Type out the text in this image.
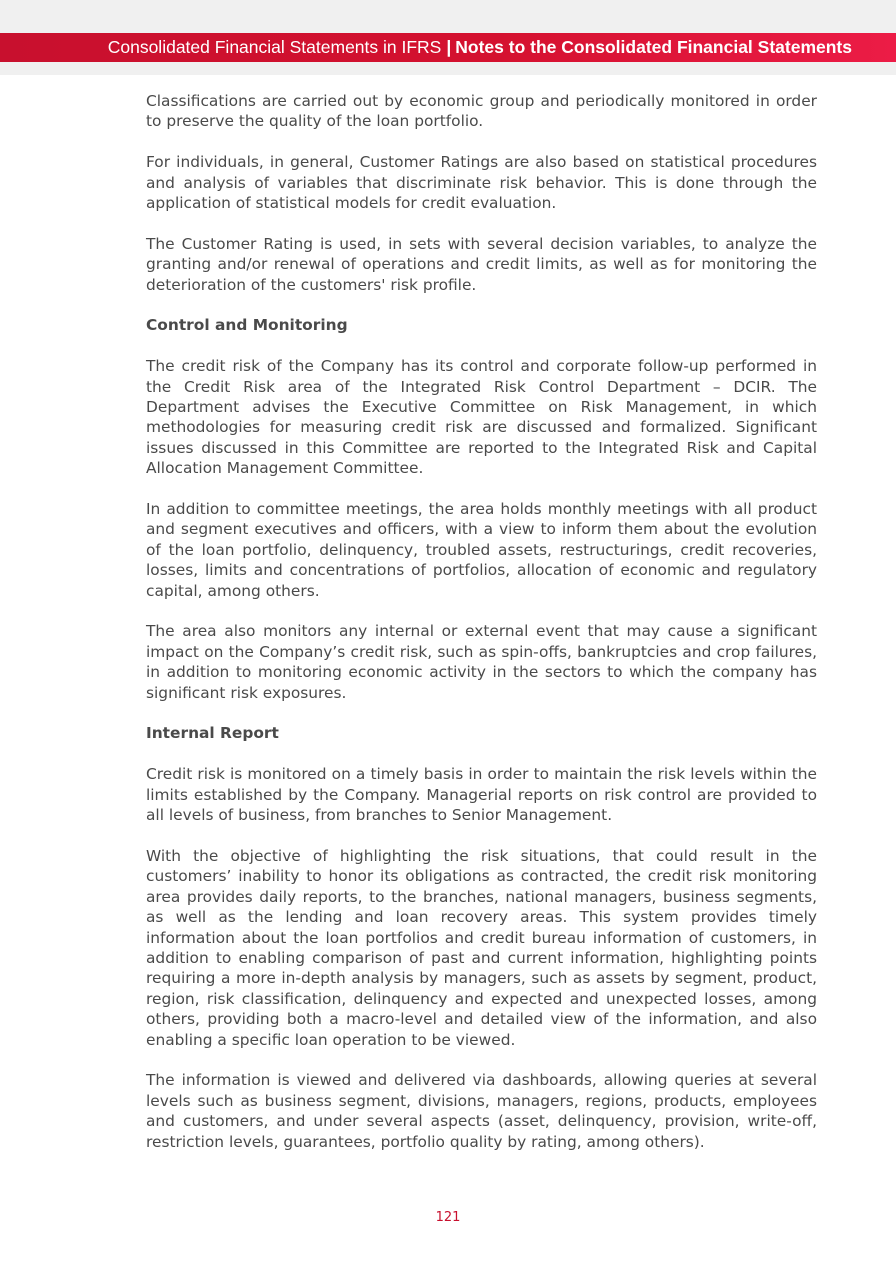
Consolidated Financial Statements in IFRS | Notes to the Consolidated Financial Statements

Classifications are carried out by economic group and periodically monitored in order to preserve the quality of the loan portfolio.

For individuals, in general, Customer Ratings are also based on statistical procedures and analysis of variables that discriminate risk behavior. This is done through the application of statistical models for credit evaluation.

The Customer Rating is used, in sets with several decision variables, to analyze the granting and/or renewal of operations and credit limits, as well as for monitoring the deterioration of the customers' risk profile.

Control and Monitoring

The credit risk of the Company has its control and corporate follow-up performed in the Credit Risk area of the Integrated Risk Control Department – DCIR. The Department advises the Executive Committee on Risk Management, in which methodologies for measuring credit risk are discussed and formalized. Significant issues discussed in this Committee are reported to the Integrated Risk and Capital Allocation Management Committee.

In addition to committee meetings, the area holds monthly meetings with all product and segment executives and officers, with a view to inform them about the evolution of the loan portfolio, delinquency, troubled assets, restructurings, credit recoveries, losses, limits and concentrations of portfolios, allocation of economic and regulatory capital, among others.

The area also monitors any internal or external event that may cause a significant impact on the Company’s credit risk, such as spin-offs, bankruptcies and crop failures, in addition to monitoring economic activity in the sectors to which the company has significant risk exposures.

Internal Report

Credit risk is monitored on a timely basis in order to maintain the risk levels within the limits established by the Company. Managerial reports on risk control are provided to all levels of business, from branches to Senior Management.

With the objective of highlighting the risk situations, that could result in the customers’ inability to honor its obligations as contracted, the credit risk monitoring area provides daily reports, to the branches, national managers, business segments, as well as the lending and loan recovery areas. This system provides timely information about the loan portfolios and credit bureau information of customers, in addition to enabling comparison of past and current information, highlighting points requiring a more in-depth analysis by managers, such as assets by segment, product, region, risk classification, delinquency and expected and unexpected losses, among others, providing both a macro-level and detailed view of the information, and also enabling a specific loan operation to be viewed.

The information is viewed and delivered via dashboards, allowing queries at several levels such as business segment, divisions, managers, regions, products, employees and customers, and under several aspects (asset, delinquency, provision, write-off, restriction levels, guarantees, portfolio quality by rating, among others).

121
